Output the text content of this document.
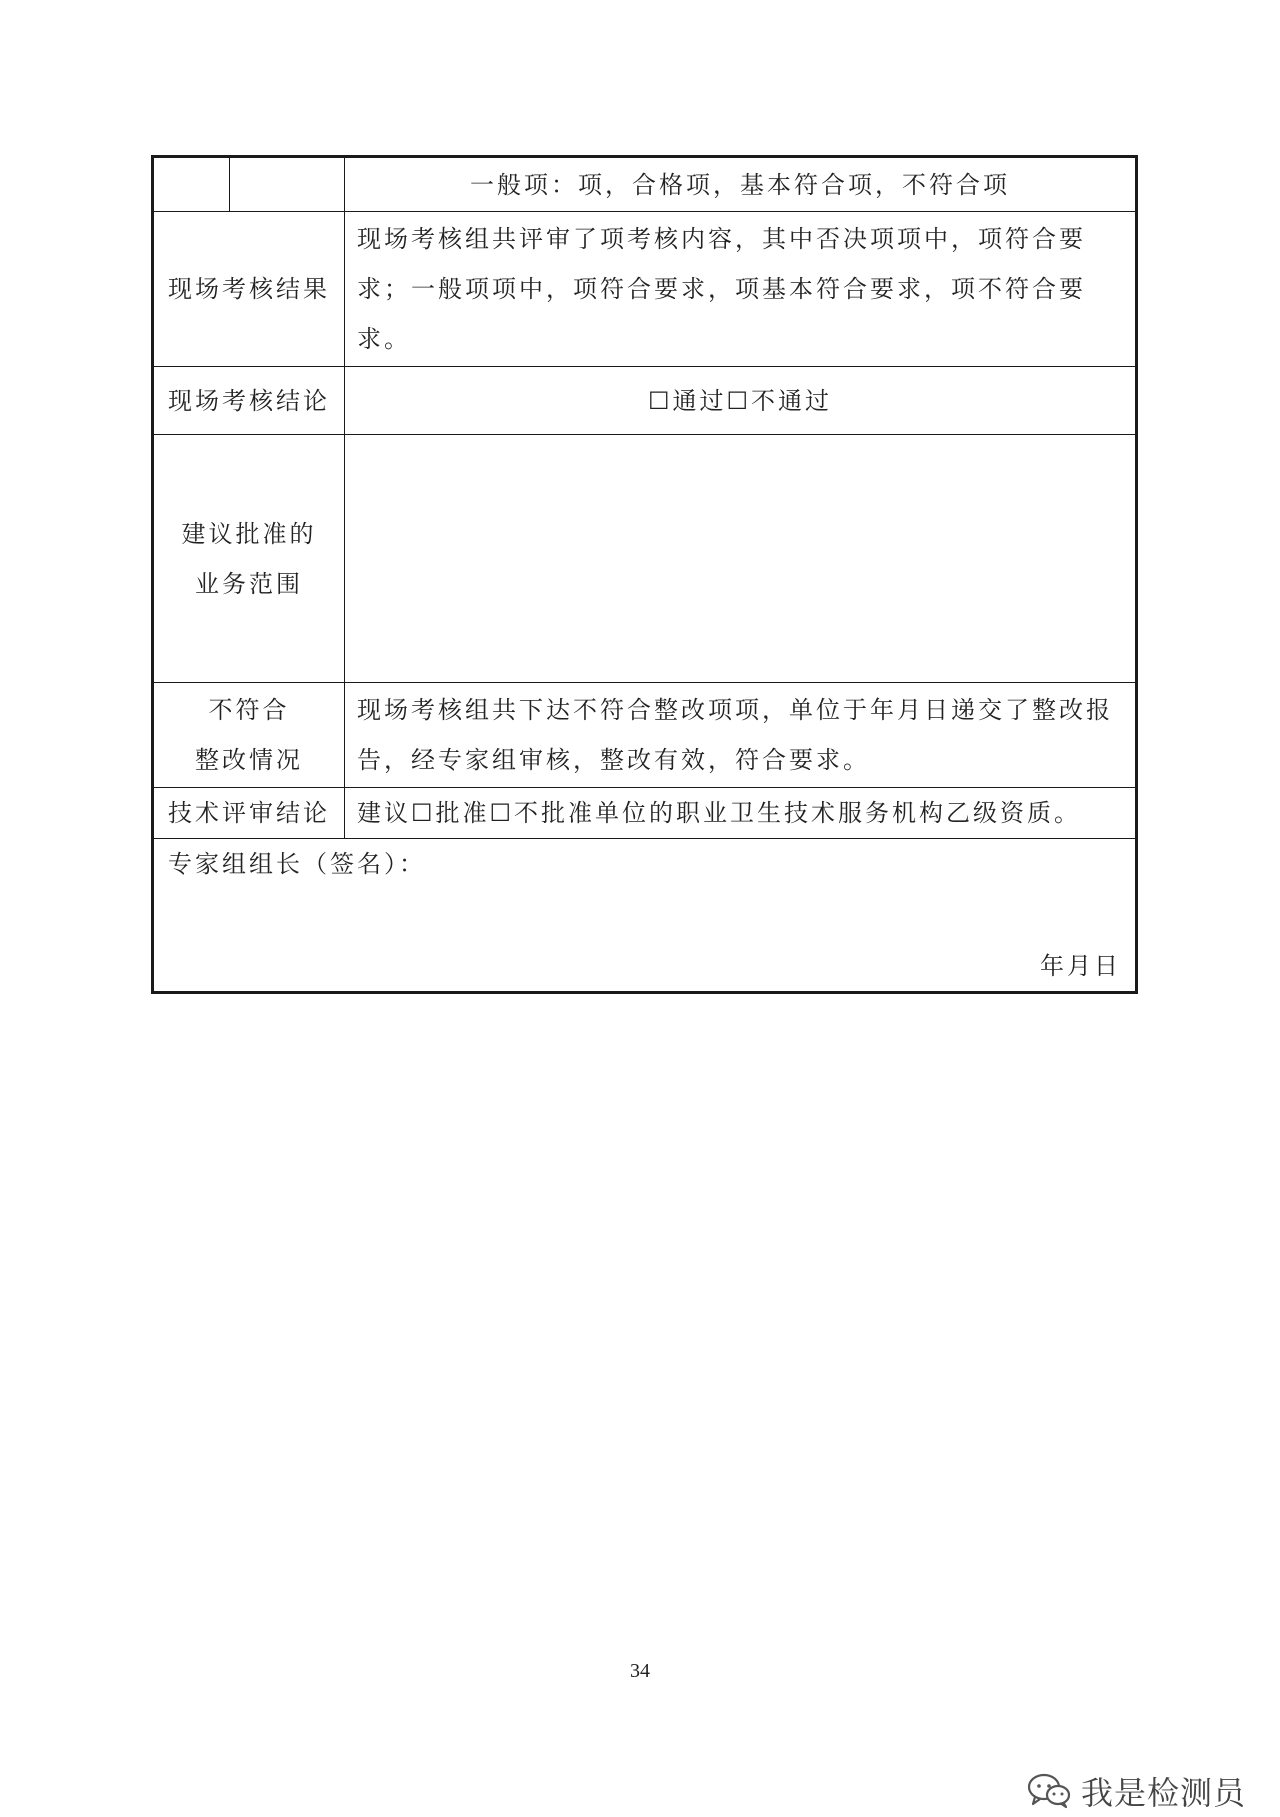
		一般项：项，合格项，基本符合项，不符合项
现场考核结果		现场考核组共评审了项考核内容，其中否决项项中，项符合要求；一般项项中，项符合要求，项基本符合要求，项不符合要求。
现场考核结论		☐通过☐不通过

建议批准的
业务范围		

不符合
整改情况		现场考核组共下达不符合整改项项，单位于年月日递交了整改报告，经专家组审核，整改有效，符合要求。
技术评审结论		建议☐批准☐不批准单位的职业卫生技术服务机构乙级资质。

专家组组长（签名）：
年月日		
34
我是检测员
